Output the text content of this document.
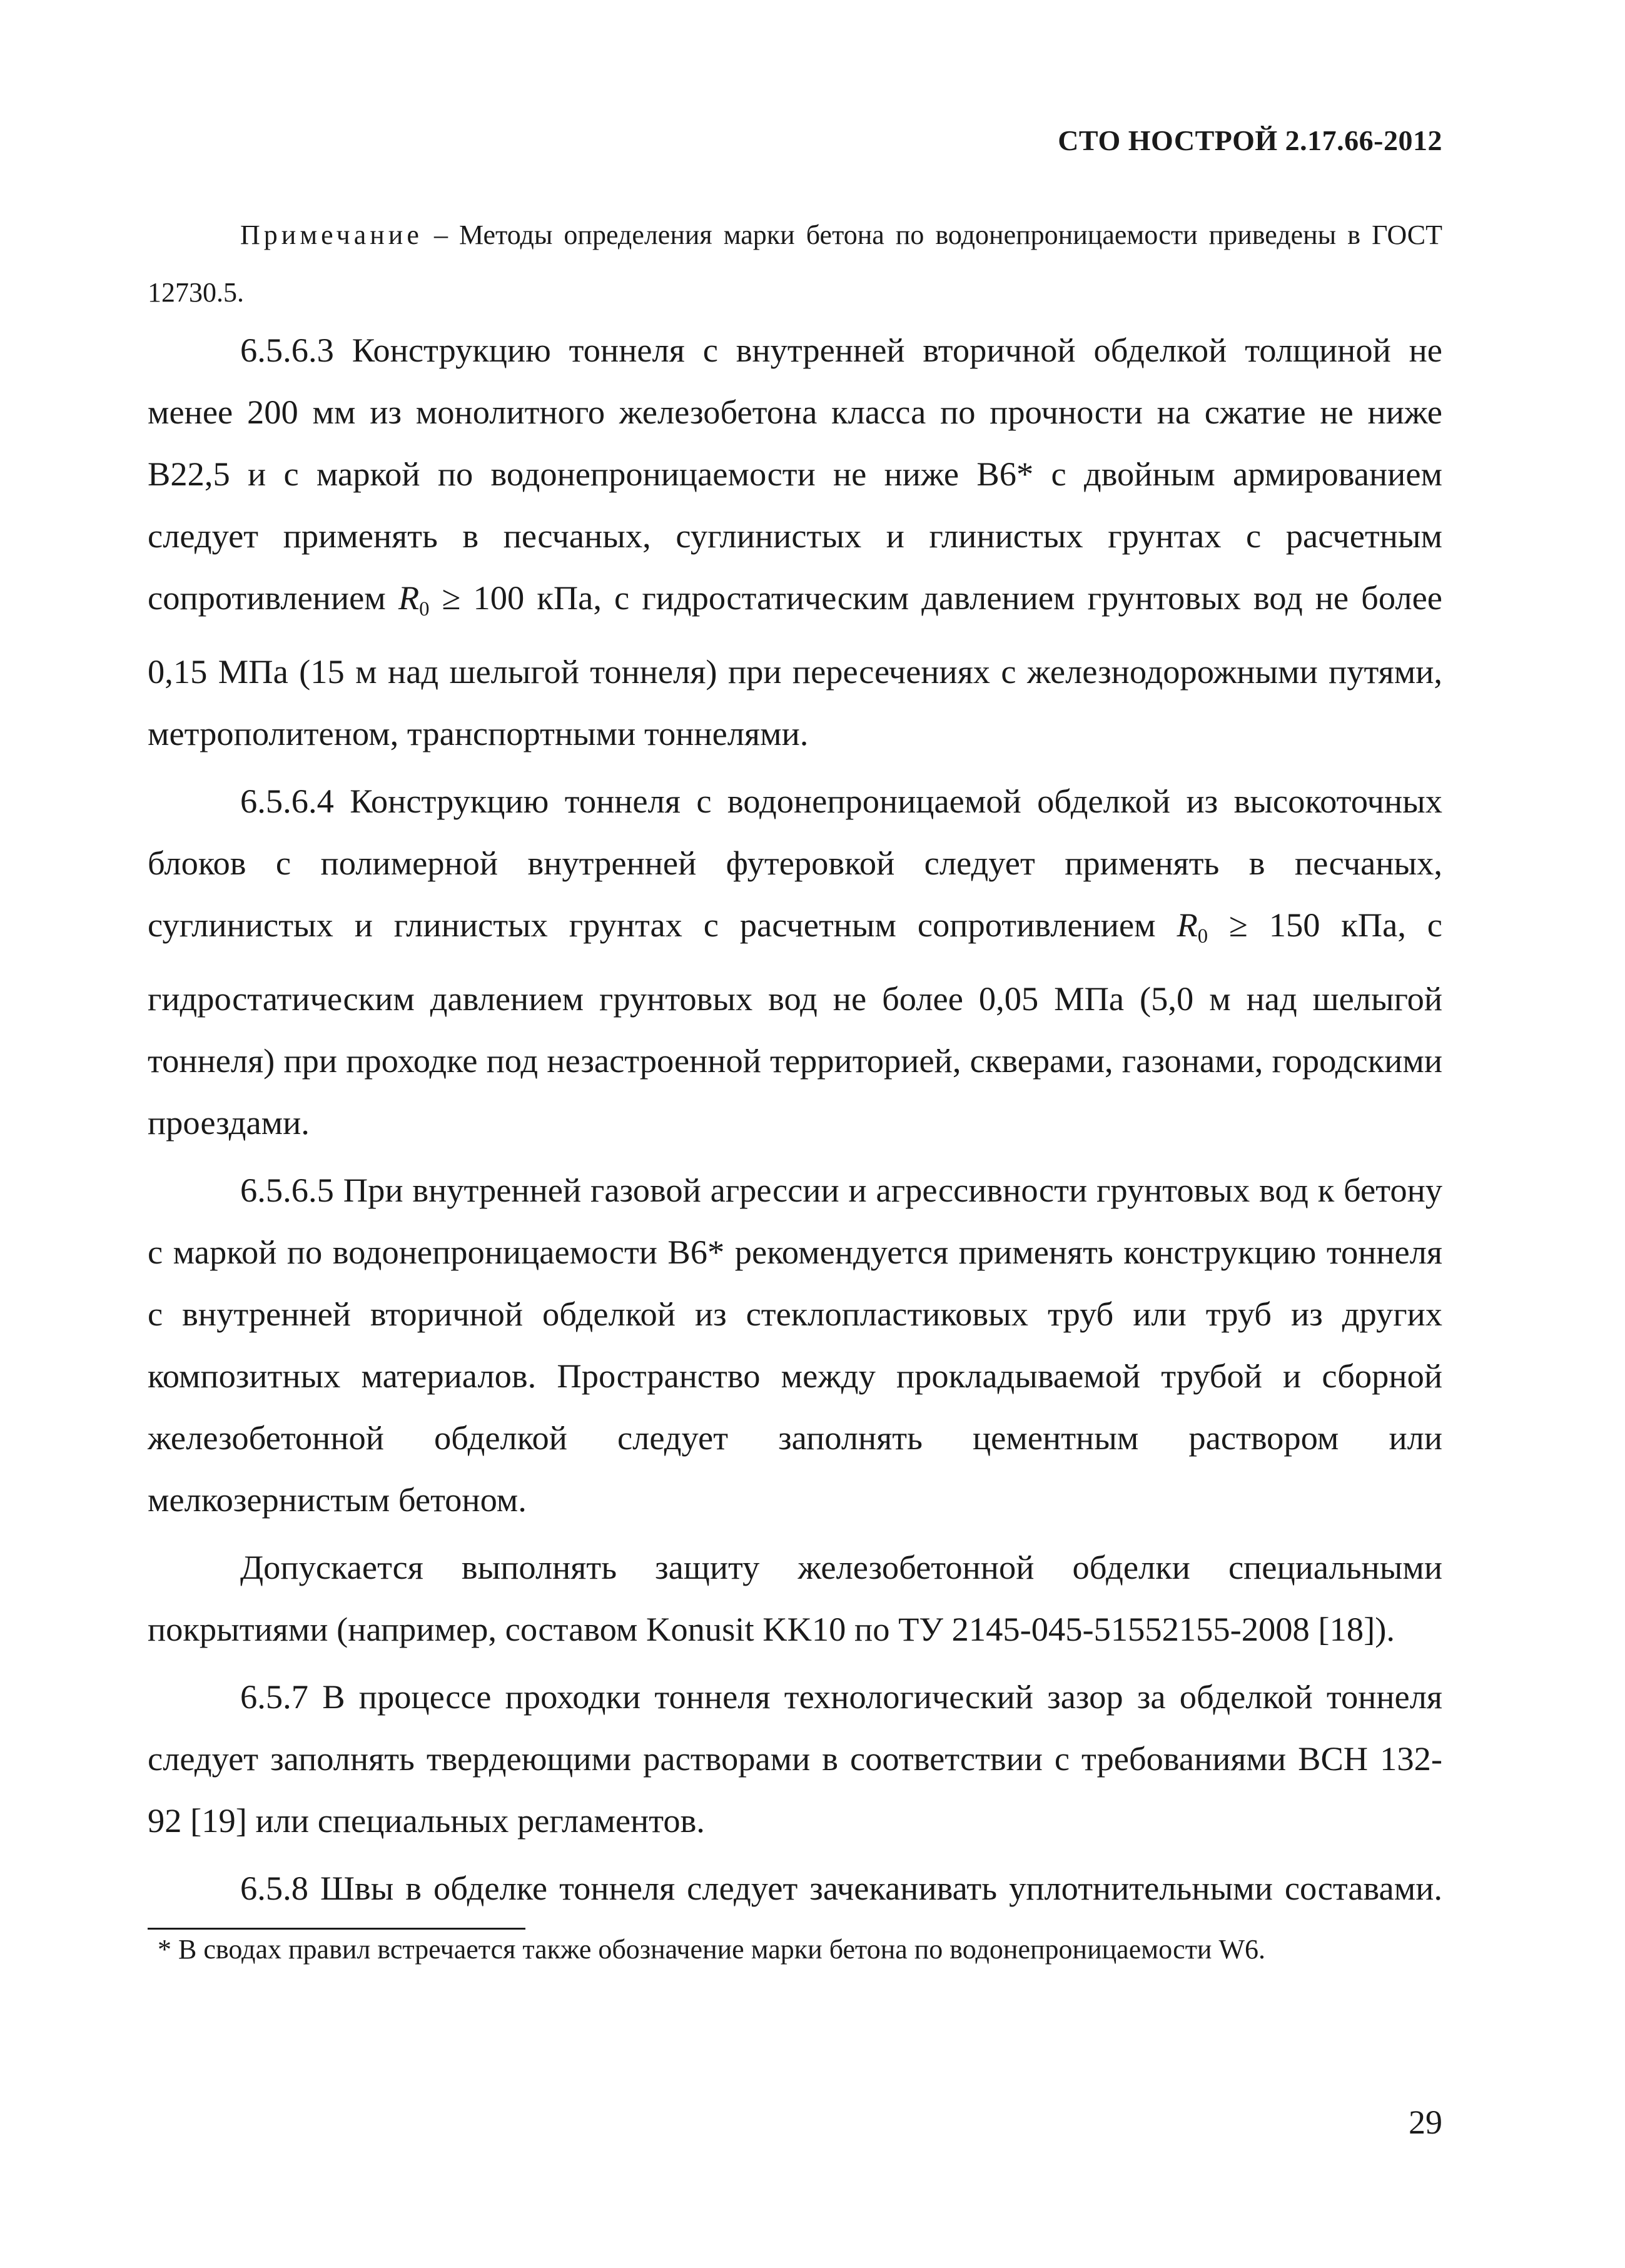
СТО НОСТРОЙ 2.17.66-2012
Примечание – Методы определения марки бетона по водонепроницаемости приведены в ГОСТ 12730.5.

6.5.6.3 Конструкцию тоннеля с внутренней вторичной обделкой толщиной не менее 200 мм из монолитного железобетона класса по прочности на сжатие не ниже В22,5 и с маркой по водонепроницаемости не ниже В6* с двойным армированием следует применять в песчаных, суглинистых и глинистых грунтах с расчетным сопротивлением $R_0 \ge 100$ кПа, с гидростатическим давлением грунтовых вод не более 0,15 МПа (15 м над шелыгой тоннеля) при пересечениях с железнодорожными путями, метрополитеном, транспортными тоннелями.

6.5.6.4 Конструкцию тоннеля с водонепроницаемой обделкой из высокоточных блоков с полимерной внутренней футеровкой следует применять в песчаных, суглинистых и глинистых грунтах с расчетным сопротивлением $R_0 \ge 150$ кПа, с гидростатическим давлением грунтовых вод не более 0,05 МПа (5,0 м над шелыгой тоннеля) при проходке под незастроенной территорией, скверами, газонами, городскими проездами.

6.5.6.5 При внутренней газовой агрессии и агрессивности грунтовых вод к бетону с маркой по водонепроницаемости В6* рекомендуется применять конструкцию тоннеля с внутренней вторичной обделкой из стеклопластиковых труб или труб из других композитных материалов. Пространство между прокладываемой трубой и сборной железобетонной обделкой следует заполнять цементным раствором или мелкозернистым бетоном.

Допускается выполнять защиту железобетонной обделки специальными покрытиями (например, составом Konusit KK10 по ТУ 2145-045-51552155-2008 [18]).

6.5.7 В процессе проходки тоннеля технологический зазор за обделкой тоннеля следует заполнять твердеющими растворами в соответствии с требованиями ВСН 132-92 [19] или специальных регламентов.

6.5.8 Швы в обделке тоннеля следует зачеканивать уплотнительными составами.

* В сводах правил встречается также обозначение марки бетона по водонепроницаемости W6.
29
